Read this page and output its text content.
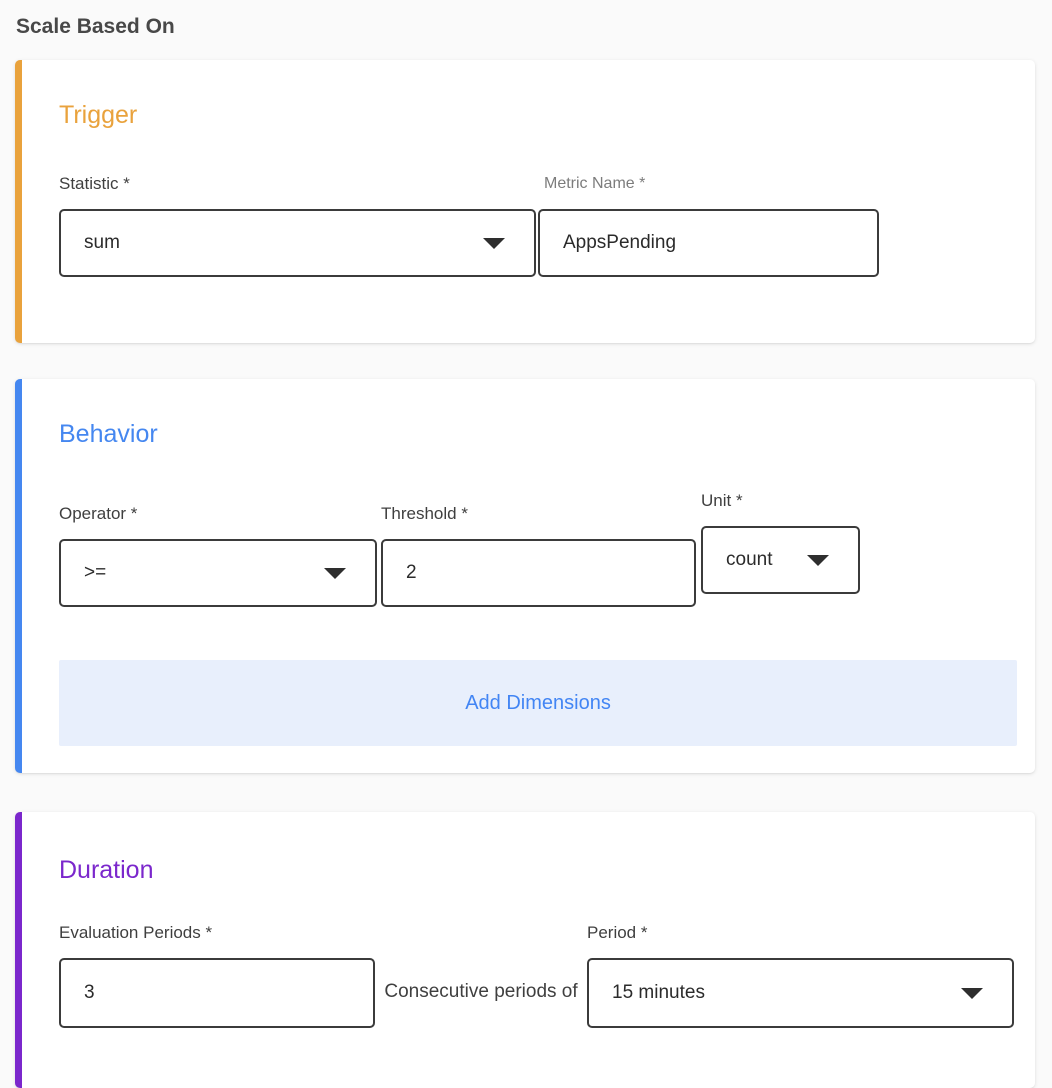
Scale Based On
Trigger
Statistic *
sum
Metric Name *
AppsPending
Behavior
Operator *
>=
Threshold *
2
Unit *
count
Add Dimensions
Duration
Evaluation Periods *
3
Consecutive periods of
Period *
15 minutes
